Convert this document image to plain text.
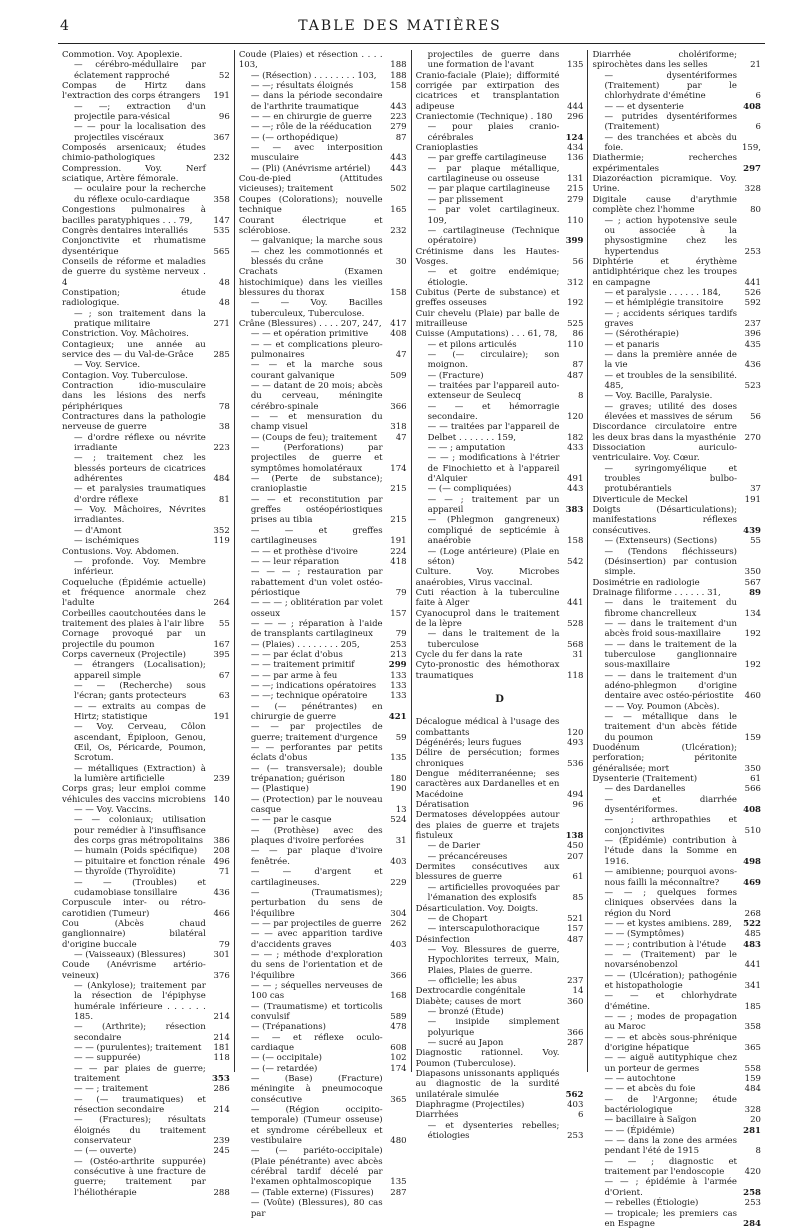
4	TABLE DES MATIÈRES
Commotion. Voy. Apoplexie.
— cérébro-médullaire par éclatement rapproché	52
Compas de Hirtz dans l'extraction des corps étrangers 191
— —; extraction d'un projectile para-vésical	96
— — pour la localisation des projectiles viscéraux	367
Composés arsenicaux; études chimio-pathologiques	232
Compression. Voy. Nerf sciatique, Artère fémorale.
— oculaire pour la recherche du réflexe oculo-cardiaque	358
Congestions pulmonaires à bacilles paratyphiques . . . 79, 147
Congrès dentaires interalliés	535
Conjonctivite et rhumatisme dysentérique	565
Conseils de réforme et maladies de guerre du système nerveux . 4	48
Constipation; étude radiologique.	48
— ; son traitement dans la pratique militaire	271
Constriction. Voy. Mâchoires.
Contagieux; une année au service des — du Val-de-Grâce 285
— Voy. Service.
Contagion. Voy. Tuberculose.
Contraction idio-musculaire dans les lésions des nerfs périphériques	78
Contractures dans la pathologie nerveuse de guerre	38
— d'ordre réflexe ou névrite irradiante	223
— ; traitement chez les blessés porteurs de cicatrices adhérentes	484
— et paralysies traumatiques d'ordre réflexe	81
— Voy. Mâchoires, Névrites irradiantes.
— d'Amont	352
— ischémiques	119
Contusions. Voy. Abdomen.
— profonde. Voy. Membre inférieur.
Coqueluche (Épidémie actuelle) et fréquence anormale chez l'adulte	264
Corbeilles caoutchoutées dans le traitement des plaies à l'air libre 55
Cornage provoqué par un projectile du poumon	167
Corps caverneux (Projectile)	395
— étrangers (Localisation); appareil simple	67
— — (Recherche) sous l'écran; gants protecteurs	63
— — extraits au compas de Hirtz; statistique	191
— Voy. Cerveau, Côlon ascendant, Épiploon, Genou, Œil, Os, Péricarde, Poumon, Scrotum.
— métalliques (Extraction) à la lumière artificielle	239
Corps gras; leur emploi comme véhicules des vaccins microbiens 140
— — Voy. Vaccins.
— — coloniaux; utilisation pour remédier à l'insuffisance des corps gras métropolitains 386
— humain (Poids spécifique) 208
— pituitaire et fonction rénale 496
— thyroïde (Thyroïdite)	71
— — (Troubles) et cudamobiase tonsillaire	436
Corpuscule inter- ou rétro-carotidien (Tumeur)	466
Cou (Abcès chaud ganglionnaire) bilatéral d'origine buccale	79
— (Vaisseaux) (Blessures)	301
Coude (Anévrisme artério-veineux)	376
— (Ankylose); traitement par la résection de l'épiphyse humérale inférieure . . . . . . 185.	214
— (Arthrite); résection secondaire	214
— — (purulentes); traitement 181
— — suppurée)	118
— — par plaies de guerre; traitement	353
— — ; traitement	286
— (— traumatiques) et résection secondaire	214
— (Fractures); résultats éloignés du traitement conservateur	239
— (— ouverte)	245
— (Ostéo-arthrite suppurée) consécutive à une fracture de guerre; traitement par l'héliothérapie	288
Coude (Plaies) et résection . . . . 103,	188
— (Résection) . . . . . . . . 103, 188
— —; résultats éloignés	158
— dans la période secondaire de l'arthrite traumatique	443
— — en chirurgie de guerre 223
— —; rôle de la rééducation 279
— (— orthopédique)	87
— — avec interposition musculaire	443
— (Pli) (Anévrisme artériel) 443
Cou-de-pied (Attitudes vicieuses); traitement	502
Coupes (Colorations); nouvelle technique	165
Courant électrique et sclérobiose.	232
— galvanique; la marche sous — chez les commotionnés et blessés du crâne	30
Crachats (Examen histochimique) dans les vieilles blessures du thorax	158
— — Voy. Bacilles tuberculeux, Tuberculose.
Crâne (Blessures) . . . . 207, 247, 417
— — et opération primitive	408
— — et complications pleuro-pulmonaires	47
— — et la marche sous courant galvanique	509
— — datant de 20 mois; abcès du cerveau, méningite cérébro-spinale	366
— — et mensuration du champ visuel	318
— (Coups de feu); traitement 47
— (Perforations) par projectiles de guerre et symptômes homolatéraux	174
— (Perte de substance); cranioplastie	215
— — et reconstitution par greffes ostéopériostiques prises au tibia	215
— — et greffes cartilagineuses	191
— — et prothèse d'ivoire	224
— — leur réparation	418
— — — ; restauration par rabattement d'un volet ostéo-périostique	79
— — — ; oblitération par volet osseux	157
— — — ; réparation à l'aide de transplants cartilagineux	79
— (Plaies) . . . . . . . . 205,	253
— — par éclat d'obus	213
— — traitement primitif	299
— — par arme à feu	133
— —; indications opératoires 133
— —; technique opératoire	133
— (— pénétrantes) en chirurgie de guerre	421
— — par projectiles de guerre; traitement d'urgence 59
— — perforantes par petits éclats d'obus	135
— (— transversale); double trépanation; guérison	180
— (Plastique)	190
— (Protection) par le nouveau casque	13
— — par le casque	524
— (Prothèse) avec des plaques d'ivoire perforées	31
— — par plaque d'ivoire fenêtrée.	403
— — d'argent et cartilagineuses.	229
— (Traumatismes); perturbation du sens de l'équilibre	304
— — par projectiles de guerre 262
— — avec apparition tardive d'accidents graves	403
— — ; méthode d'exploration du sens de l'orientation et de l'équilibre	366
— — ; séquelles nerveuses de 100 cas	168
— (Traumatisme) et torticolis convulsif	589
— (Trépanations)	478
— — et réflexe oculo-cardiaque	608
— (— occipitale)	102
— (— retardée)	174
— (Base) (Fracture) méningite à pneumocoque consécutive	365
— (Région occipito-temporale) (Tumeur osseuse) et syndrome cérébelleux et vestibulaire	480
— (— pariéto-occipitale) (Plaie pénétrante) avec abcès cérébral tardif décelé par l'examen ophtalmoscopique 135
— (Table externe) (Fissures) 287
— (Voûte) (Blessures), 80 cas par
projectiles de guerre dans une formation de l'avant	135
Cranio-faciale (Plaie); difformité corrigée par extirpation des cicatrices et transplantation adipeuse	444
Craniectomie (Technique) . 180 296
— pour plaies cranio-cérébrales	124
Cranioplasties	434
— par greffe cartilagineuse 136
— par plaque métallique, cartilagineuse ou osseuse	131
— par plaque cartilagineuse 215
— par plissement	279
— par volet cartilagineux. 109,	110
— cartilagineuse (Technique opératoire)	399
Crétinisme dans les Hautes-Vosges.	56
— et goitre endémique; étiologie.	312
Cubitus (Perte de substance) et greffes osseuses	192
Cuir chevelu (Plaie) par balle de mitrailleuse	525
Cuisse (Amputations) . . . 61, 78, 86
— et pilons articulés	110
— (— circulaire); son moignon.	87
— (Fracture)	487
— traitées par l'appareil auto-extenseur de Seulecq	8
— — et hémorragie secondaire.	120
— — traitées par l'appareil de Delbet . . . . . . . 159,	182
— — ; amputation	433
— — ; modifications à l'étrier de Finochietto et à l'appareil d'Alquier	491
— (— compliquées)	443
— — ; traitement par un appareil	383
— (Phlegmon gangreneux) compliqué de septicémie à anaérobie	158
— (Loge antérieure) (Plaie en séton)	542
Culture. Voy. Microbes anaérobies, Virus vaccinal.
Cuti réaction à la tuberculine faite à Alger	441
Cyanocuprol dans le traitement de la lèpre	528
— dans le traitement de la tuberculose	568
Cycle du fer dans la rate	31
Cyto-pronostic des hémothorax traumatiques	118
D
Décalogue médical à l'usage des combattants	120
Dégénérés; leurs fugues	493
Délire de persécution; formes chroniques	536
Dengue méditerranéenne; ses caractères aux Dardanelles et en Macédoine	494
Dératisation	96
Dermatoses développées autour des plaies de guerre et trajets fistuleux	138
— de Darier	450
— précancéreuses	207
Dermites consécutives aux blessures de guerre	61
— artificielles provoquées par l'émanation des explosifs	85
Désarticulation. Voy. Doigts.
— de Chopart	521
— interscapulothoracique	157
Désinfection	487
— Voy. Blessures de guerre, Hypochlorites terreux, Main, Plaies, Plaies de guerre.
— officielle; les abus	237
Dextrocardie congénitale	14
Diabète; causes de mort	360
— bronzé (Étude)
— insipide simplement polyurique	366
— sucré au Japon	287
Diagnostic rationnel. Voy. Poumon (Tuberculose).
Diapasons unissonants appliqués au diagnostic de la surdité unilatérale simulée	562
Diaphragme (Projectiles)	403
Diarrhées	6
— et dysenteries rebelles; étiologies	253
Diarrhée cholériforme; spirochètes dans les selles	21
— dysentériformes (Traitement) par le chlorhydrate d'émétine	6
— — et dysenterie	408
— putrides dysentériformes (Traitement)	6
— des tranchées et abcès du foie.	159,
Diathermie; recherches expérimentales	297
Diazoréaction picramique. Voy. Urine.	328
Digitale cause d'arythmie complète chez l'homme	80
— ; action hypotensive seule ou associée à la physostigmine chez les hypertendus	253
Diphtérie et érythème antidiphtérique chez les troupes en campagne	441
— et paralysie . . . . . . 184,	526
— et hémiplégie transitoire	592
— ; accidents sériques tardifs graves	237
— (Sérothérapie)	396
— et panaris	435
— dans la première année de la vie	436
— et troubles de la sensibilité. 485,	523
— Voy. Bacille, Paralysie.
— graves; utilité des doses élevées et massives de sérum 56
Discordance circulatoire entre les deux bras dans la myasthénie 270
Dissociation auriculo-ventriculaire. Voy. Cœur.
— syringomyélique et troubles bulbo-protubérantiels	37
Diverticule de Meckel	191
Doigts (Désarticulations); manifestations réflexes consécutives.	439
— (Extenseurs) (Sections)	55
— (Tendons fléchisseurs) (Désinsertion) par contusion simple.	350
Dosimétrie en radiologie	567
Drainage filiforme . . . . . . 31,	89
— dans le traitement du fibrome chancrelleux	134
— — dans le traitement d'un abcès froid sous-maxillaire	192
— — dans le traitement de la tuberculose ganglionnaire sous-maxillaire	192
— — dans le traitement d'un adéno-phlegmon d'origine dentaire avec ostéo-périostite 460
— — Voy. Poumon (Abcès).
— — métallique dans le traitement d'un abcès fétide du poumon	159
Duodénum (Ulcération); perforation; péritonite généralisée; mort	350
Dysenterie (Traitement)	61
— des Dardanelles	566
— et diarrhée dysentériformes.	408
— ; arthropathies et conjonctivites	510
— (Épidémie) contribution à l'étude dans la Somme en 1916.	498
— amibienne; pourquoi avons-nous failli la méconnaître?	469
— — ; quelques formes cliniques observées dans la région du Nord	268
— — et kystes amibiens. 289, 522
— — (Symptômes)	485
— — ; contribution à l'étude 483
— — (Traitement) par le novarsénobenzol	441
— — (Ulcération); pathogénie et histopathologie	341
— — et chlorhydrate d'émétine.	185
— — ; modes de propagation au Maroc	358
— — et abcès sous-phrénique d'origine hépatique	365
— — aiguë autityphique chez un porteur de germes	558
— — autochtone	159
— — et abcès du foie	484
— de l'Argonne; étude bactériologique	328
— bacillaire à Saïgon	20
— — (Épidémie)	281
— — dans la zone des armées pendant l'été de 1915	8
— — ; diagnostic et traitement par l'endoscopie 420
— — ; épidémie à l'armée d'Orient.	258
— rebelles (Étiologie)	253
— tropicale; les premiers cas en Espagne	284
